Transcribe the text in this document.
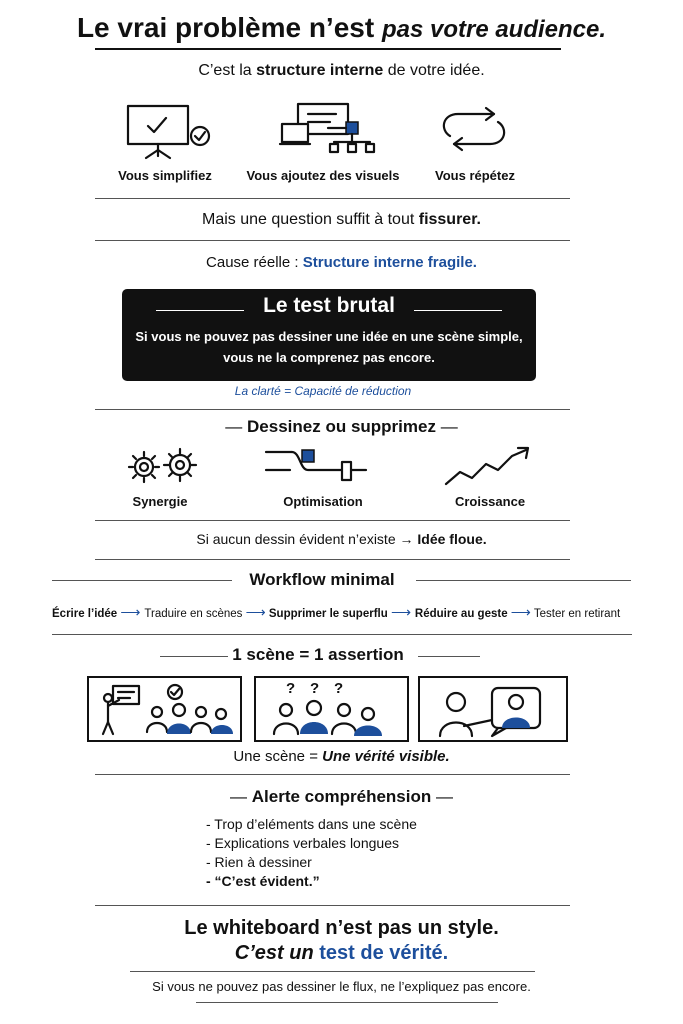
Le vrai problème n’est pas votre audience.
C’est la structure interne de votre idée.
Vous simplifiez	Vous ajoutez des visuels	Vous répétez
Mais une question suffit à tout fissurer.
Cause réelle : Structure interne fragile.
Le test brutal
Si vous ne pouvez pas dessiner une idée en une scène simple,
vous ne la comprenez pas encore.
La clarté = Capacité de réduction
— Dessinez ou supprimez —
Synergie	Optimisation	Croissance
Si aucun dessin évident n’existe → Idée floue.
Workflow minimal
Écrire l’idée ⟶ Traduire en scènes ⟶ Supprimer le superflu ⟶ Réduire au geste ⟶ Tester en retirant
1 scène = 1 assertion
? ? ?
Une scène = Une vérité visible.
— Alerte compréhension —
- Trop d’eléments dans une scène
- Explications verbales longues
- Rien à dessiner
- “C’est évident.”
Le whiteboard n’est pas un style.
C’est un test de vérité.
Si vous ne pouvez pas dessiner le flux, ne l’expliquez pas encore.
